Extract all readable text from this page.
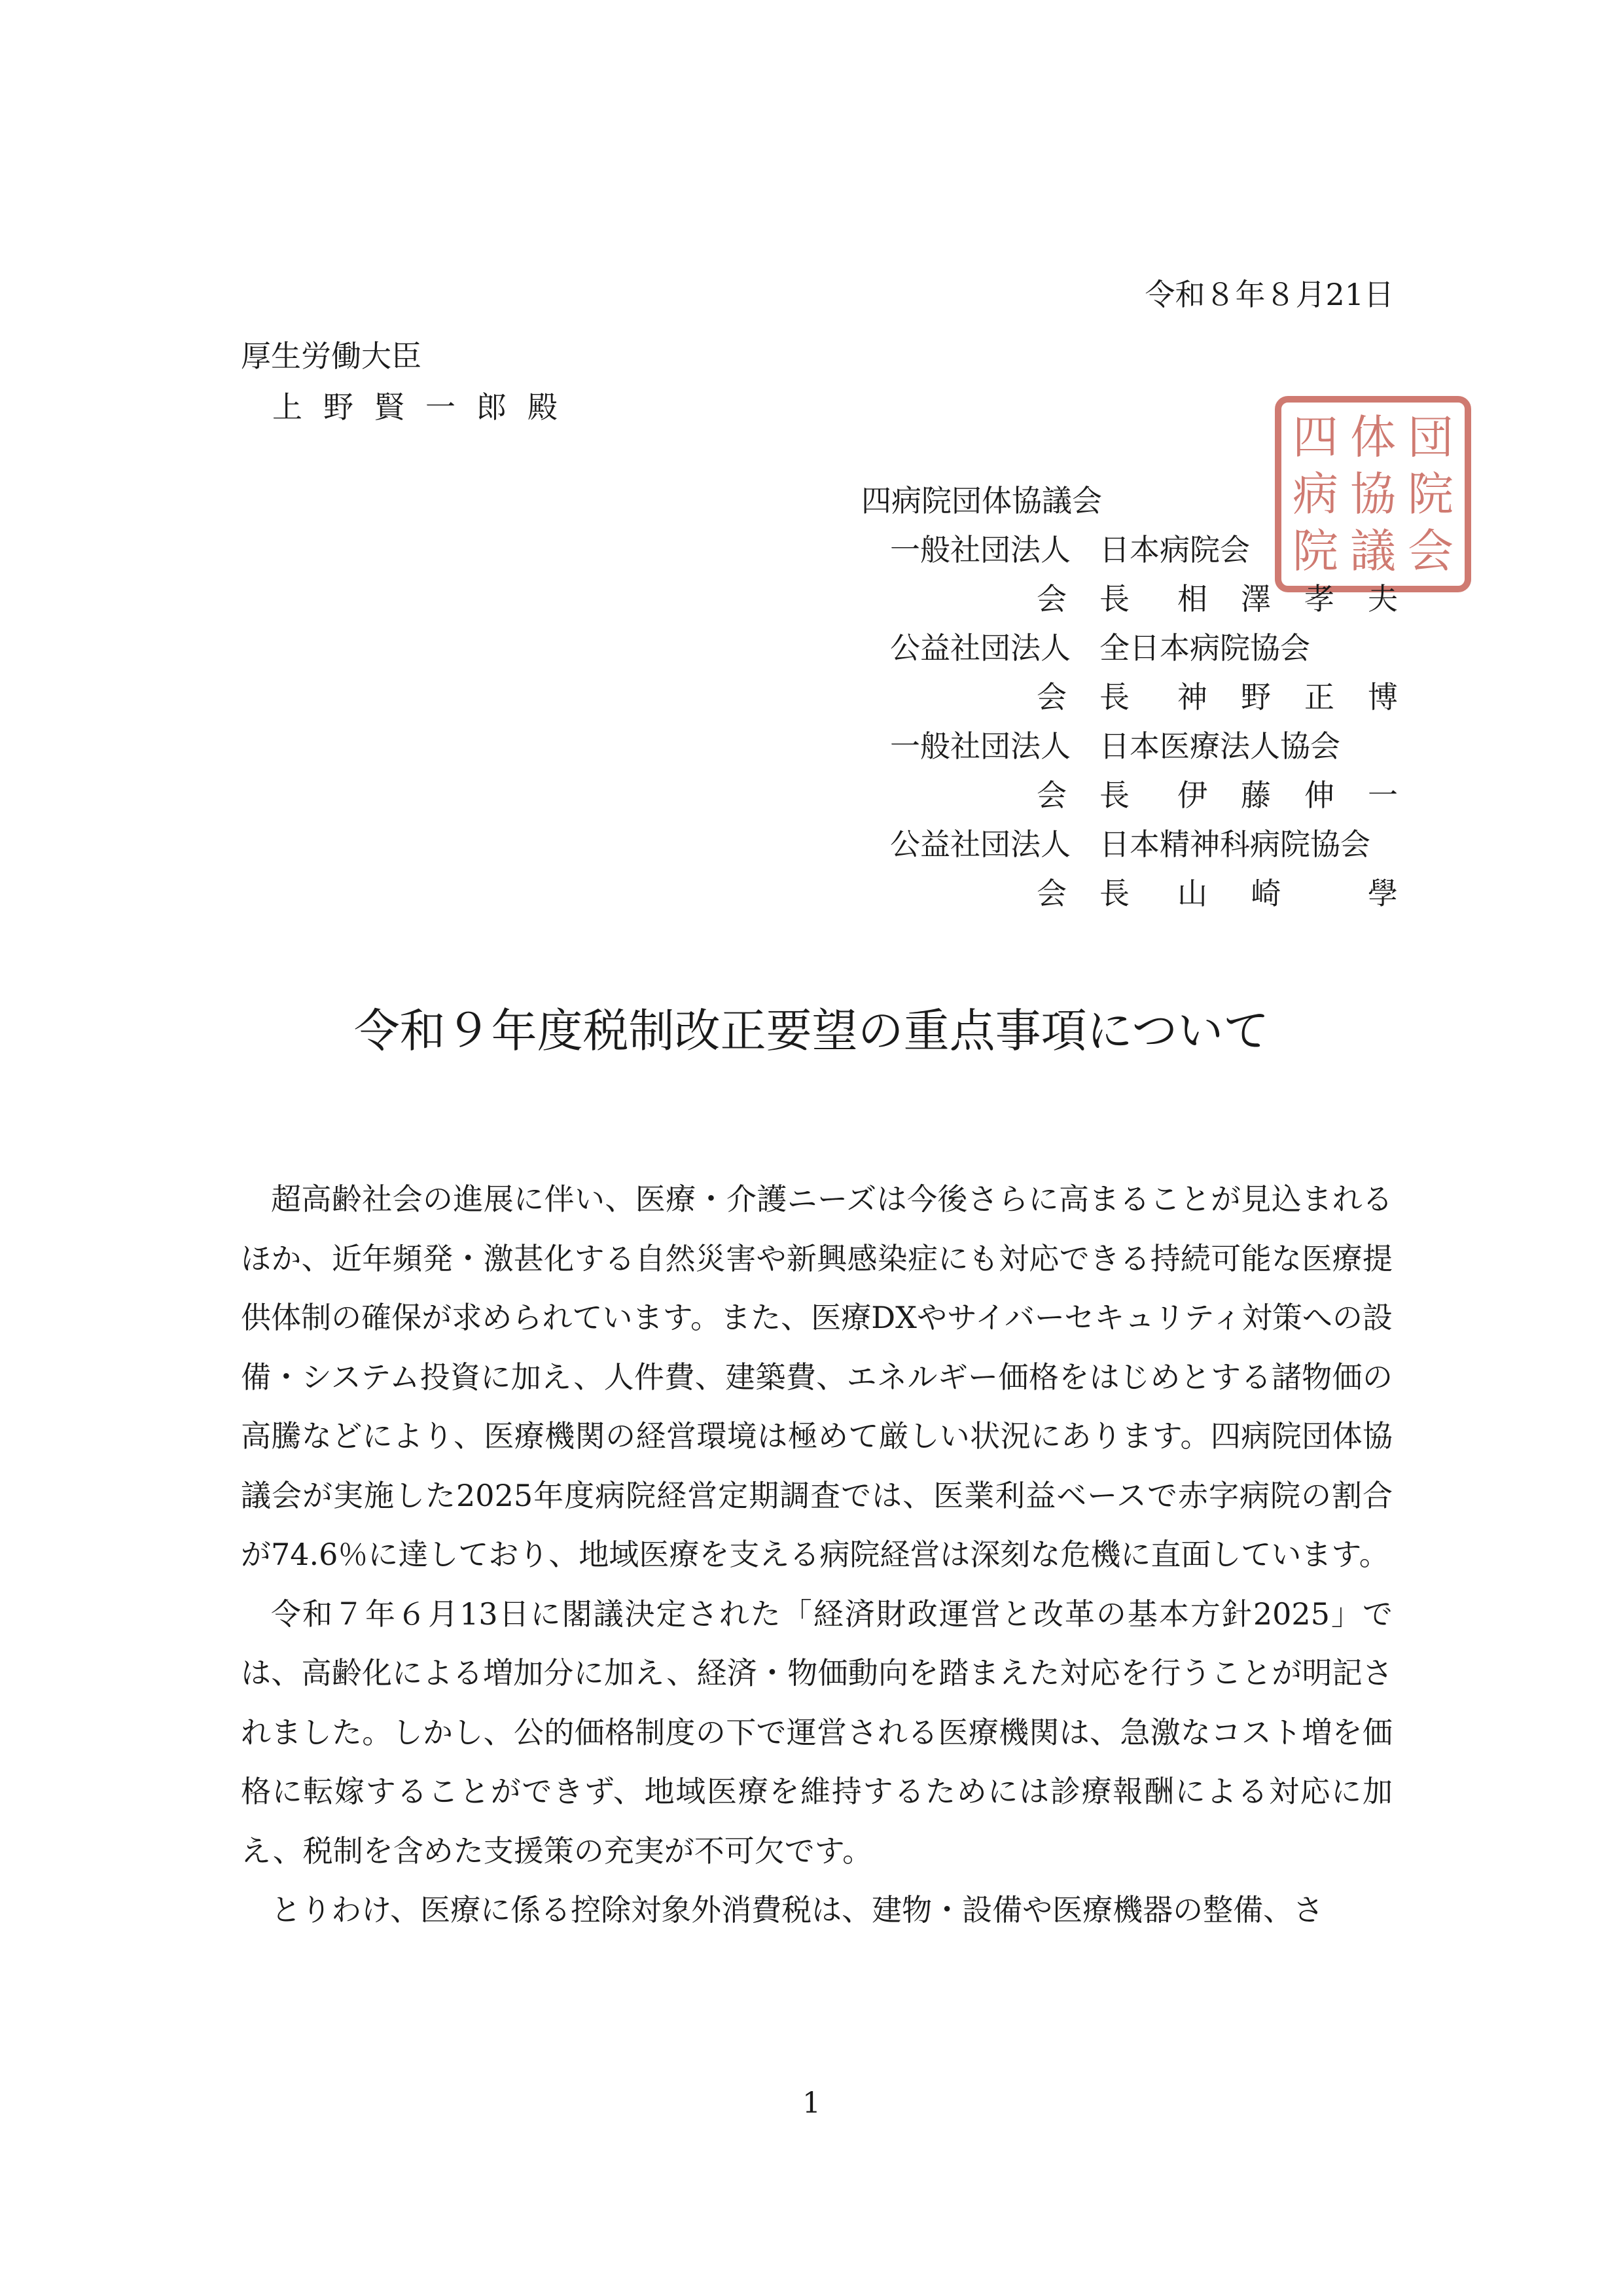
令和８年８月21日
厚生労働大臣
上野賢一郎殿
四 体 団
病 協 院
院 議 会
四病院団体協議会
一般社団法人 日本病院会
会長 相 澤 孝 夫
公益社団法人 全日本病院協会
会長 神 野 正 博
一般社団法人 日本医療法人協会
会長 伊 藤 伸 一
公益社団法人 日本精神科病院協会
会長 山 崎	學
令和９年度税制改正要望の重点事項について

超高齢社会の進展に伴い、医療・介護ニーズは今後さらに高まることが見込まれるほか、近年頻発・激甚化する自然災害や新興感染症にも対応できる持続可能な医療提供体制の確保が求められています。また、医療DXやサイバーセキュリティ対策への設備・システム投資に加え、人件費、建築費、エネルギー価格をはじめとする諸物価の高騰などにより、医療機関の経営環境は極めて厳しい状況にあります。四病院団体協議会が実施した2025年度病院経営定期調査では、医業利益ベースで赤字病院の割合が74.6％に達しており、地域医療を支える病院経営は深刻な危機に直面しています。

令和７年６月13日に閣議決定された「経済財政運営と改革の基本方針2025」では、高齢化による増加分に加え、経済・物価動向を踏まえた対応を行うことが明記されました。しかし、公的価格制度の下で運営される医療機関は、急激なコスト増を価格に転嫁することができず、地域医療を維持するためには診療報酬による対応に加え、税制を含めた支援策の充実が不可欠です。

とりわけ、医療に係る控除対象外消費税は、建物・設備や医療機器の整備、さ

1
